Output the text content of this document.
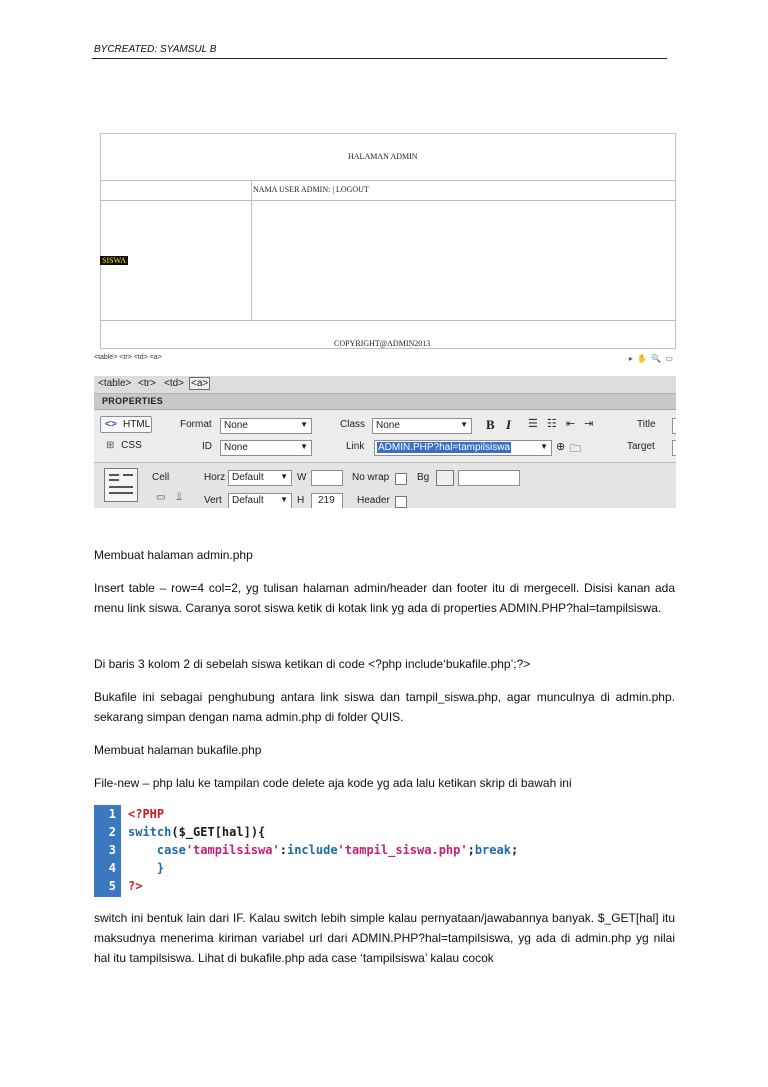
BYCREATED: SYAMSUL B
HALAMAN ADMIN
NAMA USER ADMIN: | LOGOUT
SISWA
COPYRIGHT@ADMIN2013
<table> <tr> <td> <a>	▸ ✋ 🔍 ▭
<table> <tr> <td> <a>
PROPERTIES
<> HTML
⊞ CSS
Format None	▼	Class None	▼ B I ☰ ☷ ⇤ ⇥	Title
ID None	▼	Link ADMIN.PHP?hal=tampilsiswa	▼ ⊕ 🗀	Target
Cell
▭ ⫫
Horz Default ▼ W	No wrap	Bg
Vert Default ▼ H 219 Header
Membuat halaman admin.php
Insert table – row=4 col=2, yg tulisan halaman admin/header dan footer itu di mergecell. Disisi kanan ada menu link siswa. Caranya sorot siswa ketik di kotak link yg ada di properties ADMIN.PHP?hal=tampilsiswa.
Di baris 3 kolom 2 di sebelah siswa ketikan di code <?php include‘bukafile.php’;?>
Bukafile ini sebagai penghubung antara link siswa dan tampil_siswa.php, agar munculnya di admin.php. sekarang simpan dengan nama admin.php di folder QUIS.
Membuat halaman bukafile.php
File-new – php lalu ke tampilan code delete aja kode yg ada lalu ketikan skrip di bawah ini
1
2
3
4
5
<?PHP
switch($_GET[hal]){
case'tampilsiswa':include'tampil_siswa.php';break;
}
?>
switch ini bentuk lain dari IF. Kalau switch lebih simple kalau pernyataan/jawabannya banyak. $_GET[hal] itu maksudnya menerima kiriman variabel url dari ADMIN.PHP?hal=tampilsiswa, yg ada di admin.php yg nilai hal itu tampilsiswa. Lihat di bukafile.php ada case ‘tampilsiswa’ kalau cocok
